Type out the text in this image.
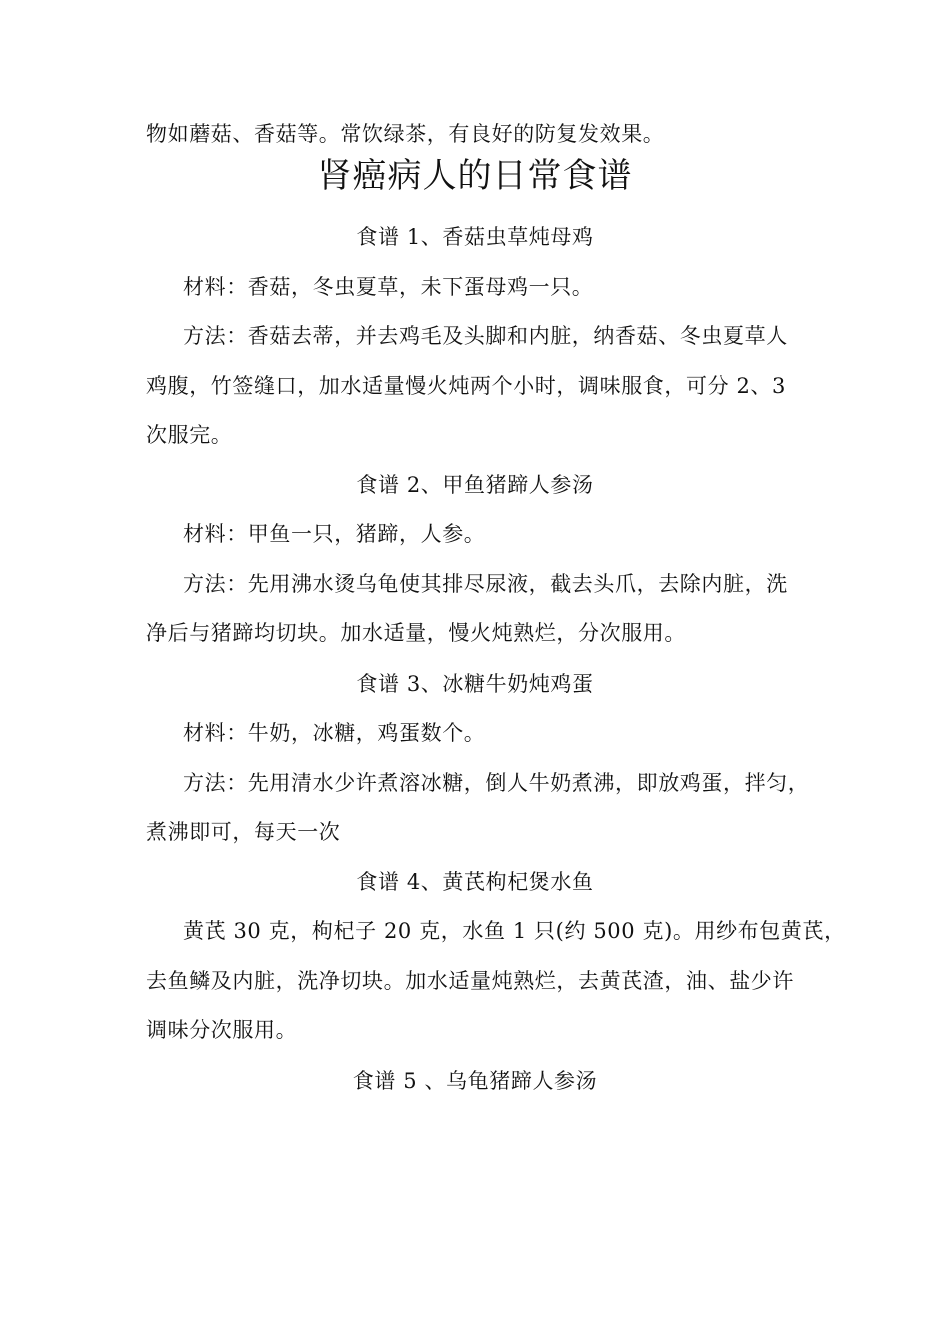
物如蘑菇、香菇等。常饮绿茶，有良好的防复发效果。
肾癌病人的日常食谱
食谱 1、香菇虫草炖母鸡
材料：香菇，冬虫夏草，未下蛋母鸡一只。
方法：香菇去蒂，并去鸡毛及头脚和内脏，纳香菇、冬虫夏草人
鸡腹，竹签缝口，加水适量慢火炖两个小时，调味服食，可分 2、3
次服完。
食谱 2、甲鱼猪蹄人参汤
材料：甲鱼一只，猪蹄，人参。
方法：先用沸水烫乌龟使其排尽尿液，截去头爪，去除内脏，洗
净后与猪蹄均切块。加水适量，慢火炖熟烂，分次服用。
食谱 3、冰糖牛奶炖鸡蛋
材料：牛奶，冰糖，鸡蛋数个。
方法：先用清水少许煮溶冰糖，倒人牛奶煮沸，即放鸡蛋，拌匀，
煮沸即可，每天一次
食谱 4、黄芪枸杞煲水鱼
黄芪 30 克，枸杞子 20 克，水鱼 1 只(约 500 克)。用纱布包黄芪，
去鱼鳞及内脏，洗净切块。加水适量炖熟烂，去黄芪渣，油、盐少许
调味分次服用。
食谱 5 、乌龟猪蹄人参汤
